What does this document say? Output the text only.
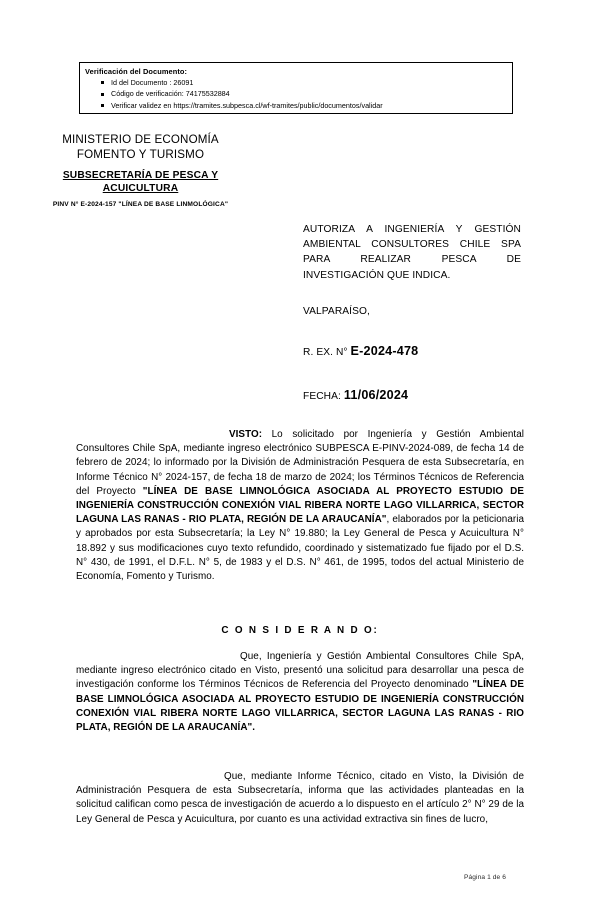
Verificación del Documento:
Id del Documento : 26091
Código de verificación: 74175532884
Verificar validez en https://tramites.subpesca.cl/wf-tramites/public/documentos/validar
MINISTERIO DE ECONOMÍA
FOMENTO Y TURISMO
SUBSECRETARÍA DE PESCA Y ACUICULTURA
PINV N° E-2024-157 "LÍNEA DE BASE LINMOLÓGICA"
AUTORIZA A INGENIERÍA Y GESTIÓN AMBIENTAL CONSULTORES CHILE SPA PARA REALIZAR PESCA DE INVESTIGACIÓN QUE INDICA.
VALPARAÍSO,
R. EX. N° E-2024-478
FECHA: 11/06/2024
VISTO: Lo solicitado por Ingeniería y Gestión Ambiental Consultores Chile SpA, mediante ingreso electrónico SUBPESCA E-PINV-2024-089, de fecha 14 de febrero de 2024; lo informado por la División de Administración Pesquera de esta Subsecretaría, en Informe Técnico N° 2024-157, de fecha 18 de marzo de 2024; los Términos Técnicos de Referencia del Proyecto "LÍNEA DE BASE LIMNOLÓGICA ASOCIADA AL PROYECTO ESTUDIO DE INGENIERÍA CONSTRUCCIÓN CONEXIÓN VIAL RIBERA NORTE LAGO VILLARRICA, SECTOR LAGUNA LAS RANAS - RIO PLATA, REGIÓN DE LA ARAUCANÍA", elaborados por la peticionaria y aprobados por esta Subsecretaría; la Ley N° 19.880; la Ley General de Pesca y Acuicultura N° 18.892 y sus modificaciones cuyo texto refundido, coordinado y sistematizado fue fijado por el D.S. N° 430, de 1991, el D.F.L. N° 5, de 1983 y el D.S. N° 461, de 1995, todos del actual Ministerio de Economía, Fomento y Turismo.
C O N S I D E R A N D O:
Que, Ingeniería y Gestión Ambiental Consultores Chile SpA, mediante ingreso electrónico citado en Visto, presentó una solicitud para desarrollar una pesca de investigación conforme los Términos Técnicos de Referencia del Proyecto denominado "LÍNEA DE BASE LIMNOLÓGICA ASOCIADA AL PROYECTO ESTUDIO DE INGENIERÍA CONSTRUCCIÓN CONEXIÓN VIAL RIBERA NORTE LAGO VILLARRICA, SECTOR LAGUNA LAS RANAS - RIO PLATA, REGIÓN DE LA ARAUCANÍA".
Que, mediante Informe Técnico, citado en Visto, la División de Administración Pesquera de esta Subsecretaría, informa que las actividades planteadas en la solicitud califican como pesca de investigación de acuerdo a lo dispuesto en el artículo 2° N° 29 de la Ley General de Pesca y Acuicultura, por cuanto es una actividad extractiva sin fines de lucro,
Página 1 de 6
